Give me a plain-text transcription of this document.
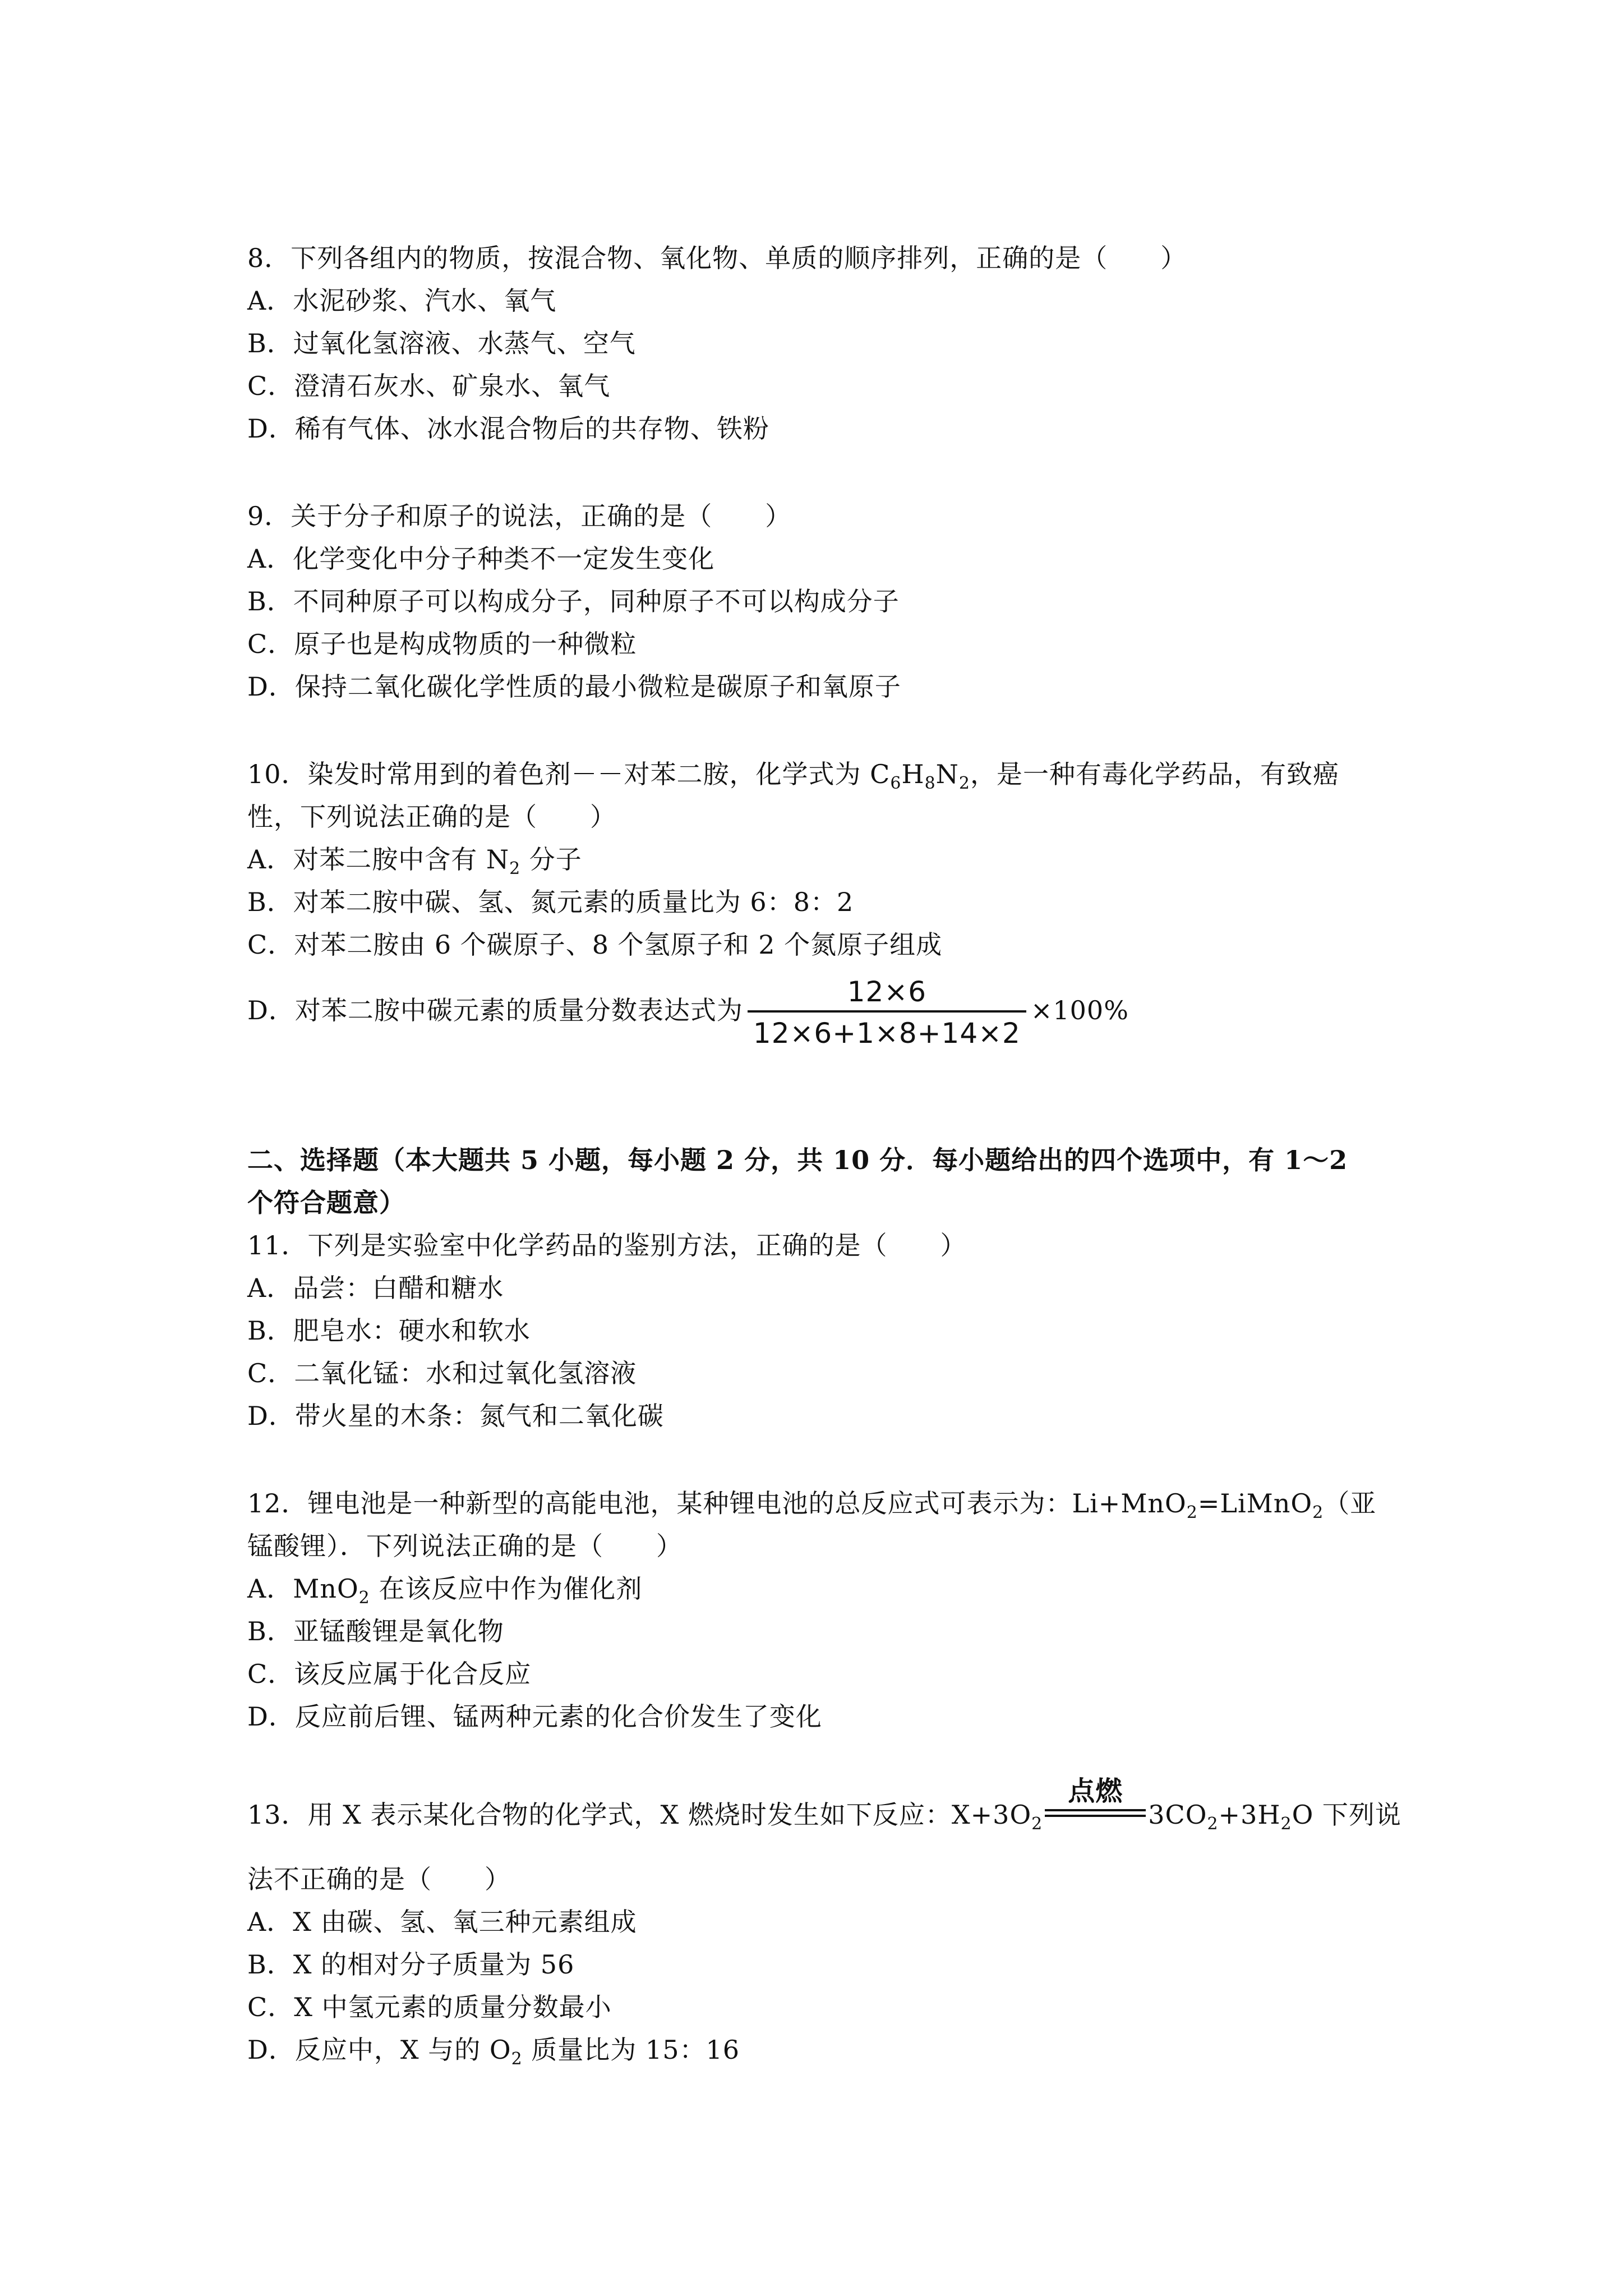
8．下列各组内的物质，按混合物、氧化物、单质的顺序排列，正确的是（　　）
A．水泥砂浆、汽水、氧气
B．过氧化氢溶液、水蒸气、空气
C．澄清石灰水、矿泉水、氧气
D．稀有气体、冰水混合物后的共存物、铁粉
9．关于分子和原子的说法，正确的是（　　）
A．化学变化中分子种类不一定发生变化
B．不同种原子可以构成分子，同种原子不可以构成分子
C．原子也是构成物质的一种微粒
D．保持二氧化碳化学性质的最小微粒是碳原子和氧原子
10．染发时常用到的着色剂－－对苯二胺，化学式为 $C_6H_8N_2$，是一种有毒化学药品，有致癌
性，下列说法正确的是（　　）
A．对苯二胺中含有 $N_2$ 分子
B．对苯二胺中碳、氢、氮元素的质量比为 6：8：2
C．对苯二胺由 6 个碳原子、8 个氢原子和 2 个氮原子组成
D．对苯二胺中碳元素的质量分数表达式为 $\frac{12\times 6}{12\times 6+1\times 8+14\times 2} \times 100\%$
二、选择题（本大题共 5 小题，每小题 2 分，共 10 分．每小题给出的四个选项中，有 1～2
个符合题意）
11．下列是实验室中化学药品的鉴别方法，正确的是（　　）
A．品尝：白醋和糖水
B．肥皂水：硬水和软水
C．二氧化锰：水和过氧化氢溶液
D．带火星的木条：氮气和二氧化碳
12．锂电池是一种新型的高能电池，某种锂电池的总反应式可表示为：Li+MnO$_2$=LiMnO$_2$（亚
锰酸锂）．下列说法正确的是（　　）
A．MnO$_2$ 在该反应中作为催化剂
B．亚锰酸锂是氧化物
C．该反应属于化合反应
D．反应前后锂、锰两种元素的化合价发生了变化
13．用 X 表示某化合物的化学式，X 燃烧时发生如下反应：$X+3O_2$
点燃
$3CO_2+3H_2O$ 下列说
法不正确的是（　　）
A．X 由碳、氢、氧三种元素组成
B．X 的相对分子质量为 56
C．X 中氢元素的质量分数最小
D．反应中，X 与的 $O_2$ 质量比为 15：16
